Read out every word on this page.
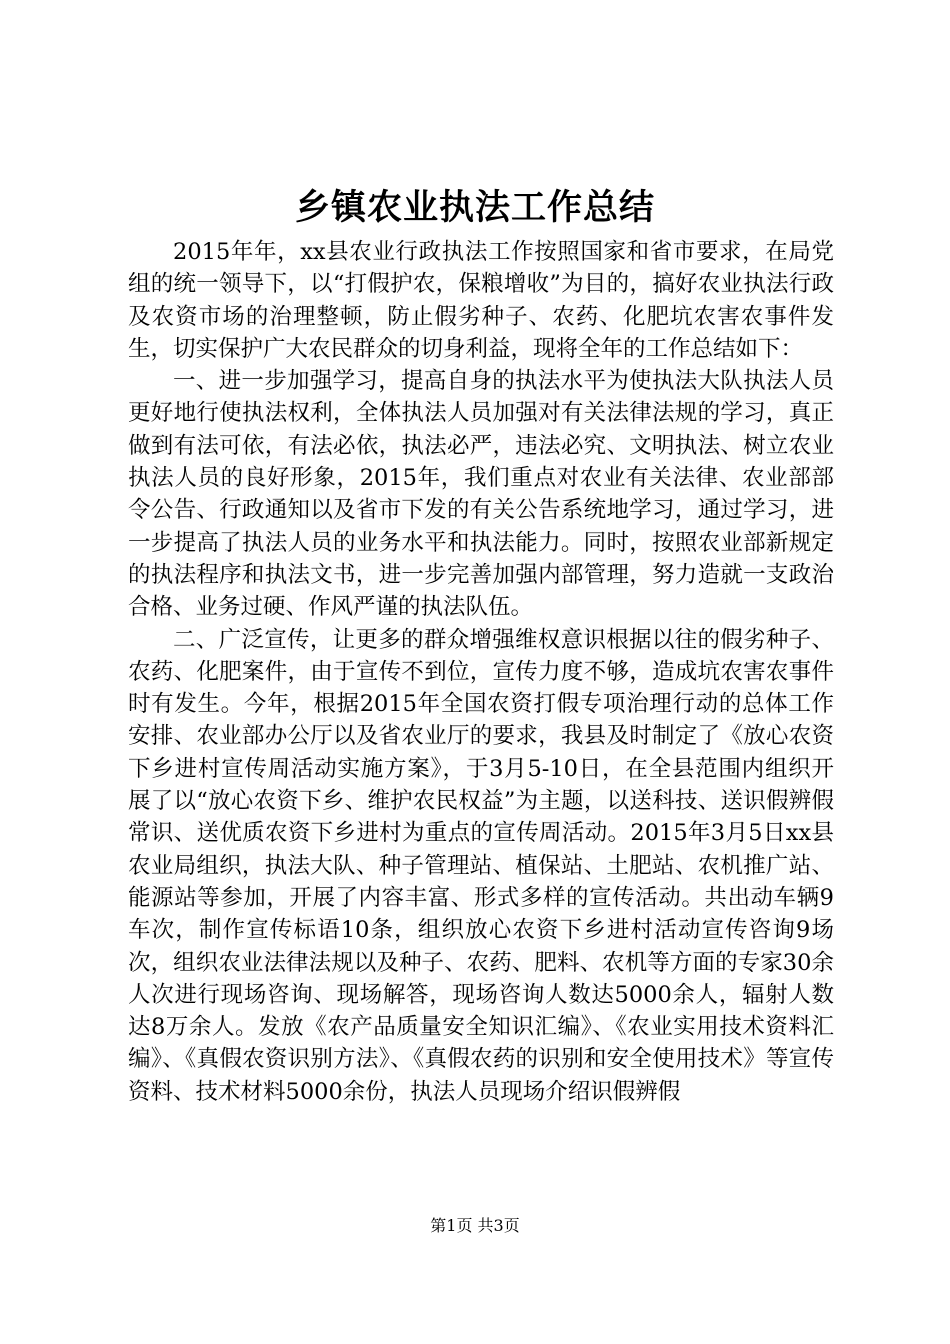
乡镇农业执法工作总结

2015年年，xx县农业行政执法工作按照国家和省市要求，在局党组的统一领导下，以“打假护农，保粮增收”为目的，搞好农业执法行政及农资市场的治理整顿，防止假劣种子、农药、化肥坑农害农事件发生，切实保护广大农民群众的切身利益，现将全年的工作总结如下：

一、进一步加强学习，提高自身的执法水平为使执法大队执法人员更好地行使执法权利，全体执法人员加强对有关法律法规的学习，真正做到有法可依，有法必依，执法必严，违法必究、文明执法、树立农业执法人员的良好形象，2015年，我们重点对农业有关法律、农业部部令公告、行政通知以及省市下发的有关公告系统地学习，通过学习，进一步提高了执法人员的业务水平和执法能力。同时，按照农业部新规定的执法程序和执法文书，进一步完善加强内部管理，努力造就一支政治合格、业务过硬、作风严谨的执法队伍。

二、广泛宣传，让更多的群众增强维权意识根据以往的假劣种子、农药、化肥案件，由于宣传不到位，宣传力度不够，造成坑农害农事件时有发生。今年，根据2015年全国农资打假专项治理行动的总体工作安排、农业部办公厅以及省农业厅的要求，我县及时制定了《放心农资下乡进村宣传周活动实施方案》，于3月5-10日，在全县范围内组织开展了以“放心农资下乡、维护农民权益”为主题，以送科技、送识假辨假常识、送优质农资下乡进村为重点的宣传周活动。2015年3月5日xx县农业局组织，执法大队、种子管理站、植保站、土肥站、农机推广站、能源站等参加，开展了内容丰富、形式多样的宣传活动。共出动车辆9车次，制作宣传标语10条，组织放心农资下乡进村活动宣传咨询9场次，组织农业法律法规以及种子、农药、肥料、农机等方面的专家30余人次进行现场咨询、现场解答，现场咨询人数达5000余人，辐射人数达8万余人。发放《农产品质量安全知识汇编》、《农业实用技术资料汇编》、《真假农资识别方法》、《真假农药的识别和安全使用技术》等宣传资料、技术材料5000余份，执法人员现场介绍识假辨假

第1页 共3页
